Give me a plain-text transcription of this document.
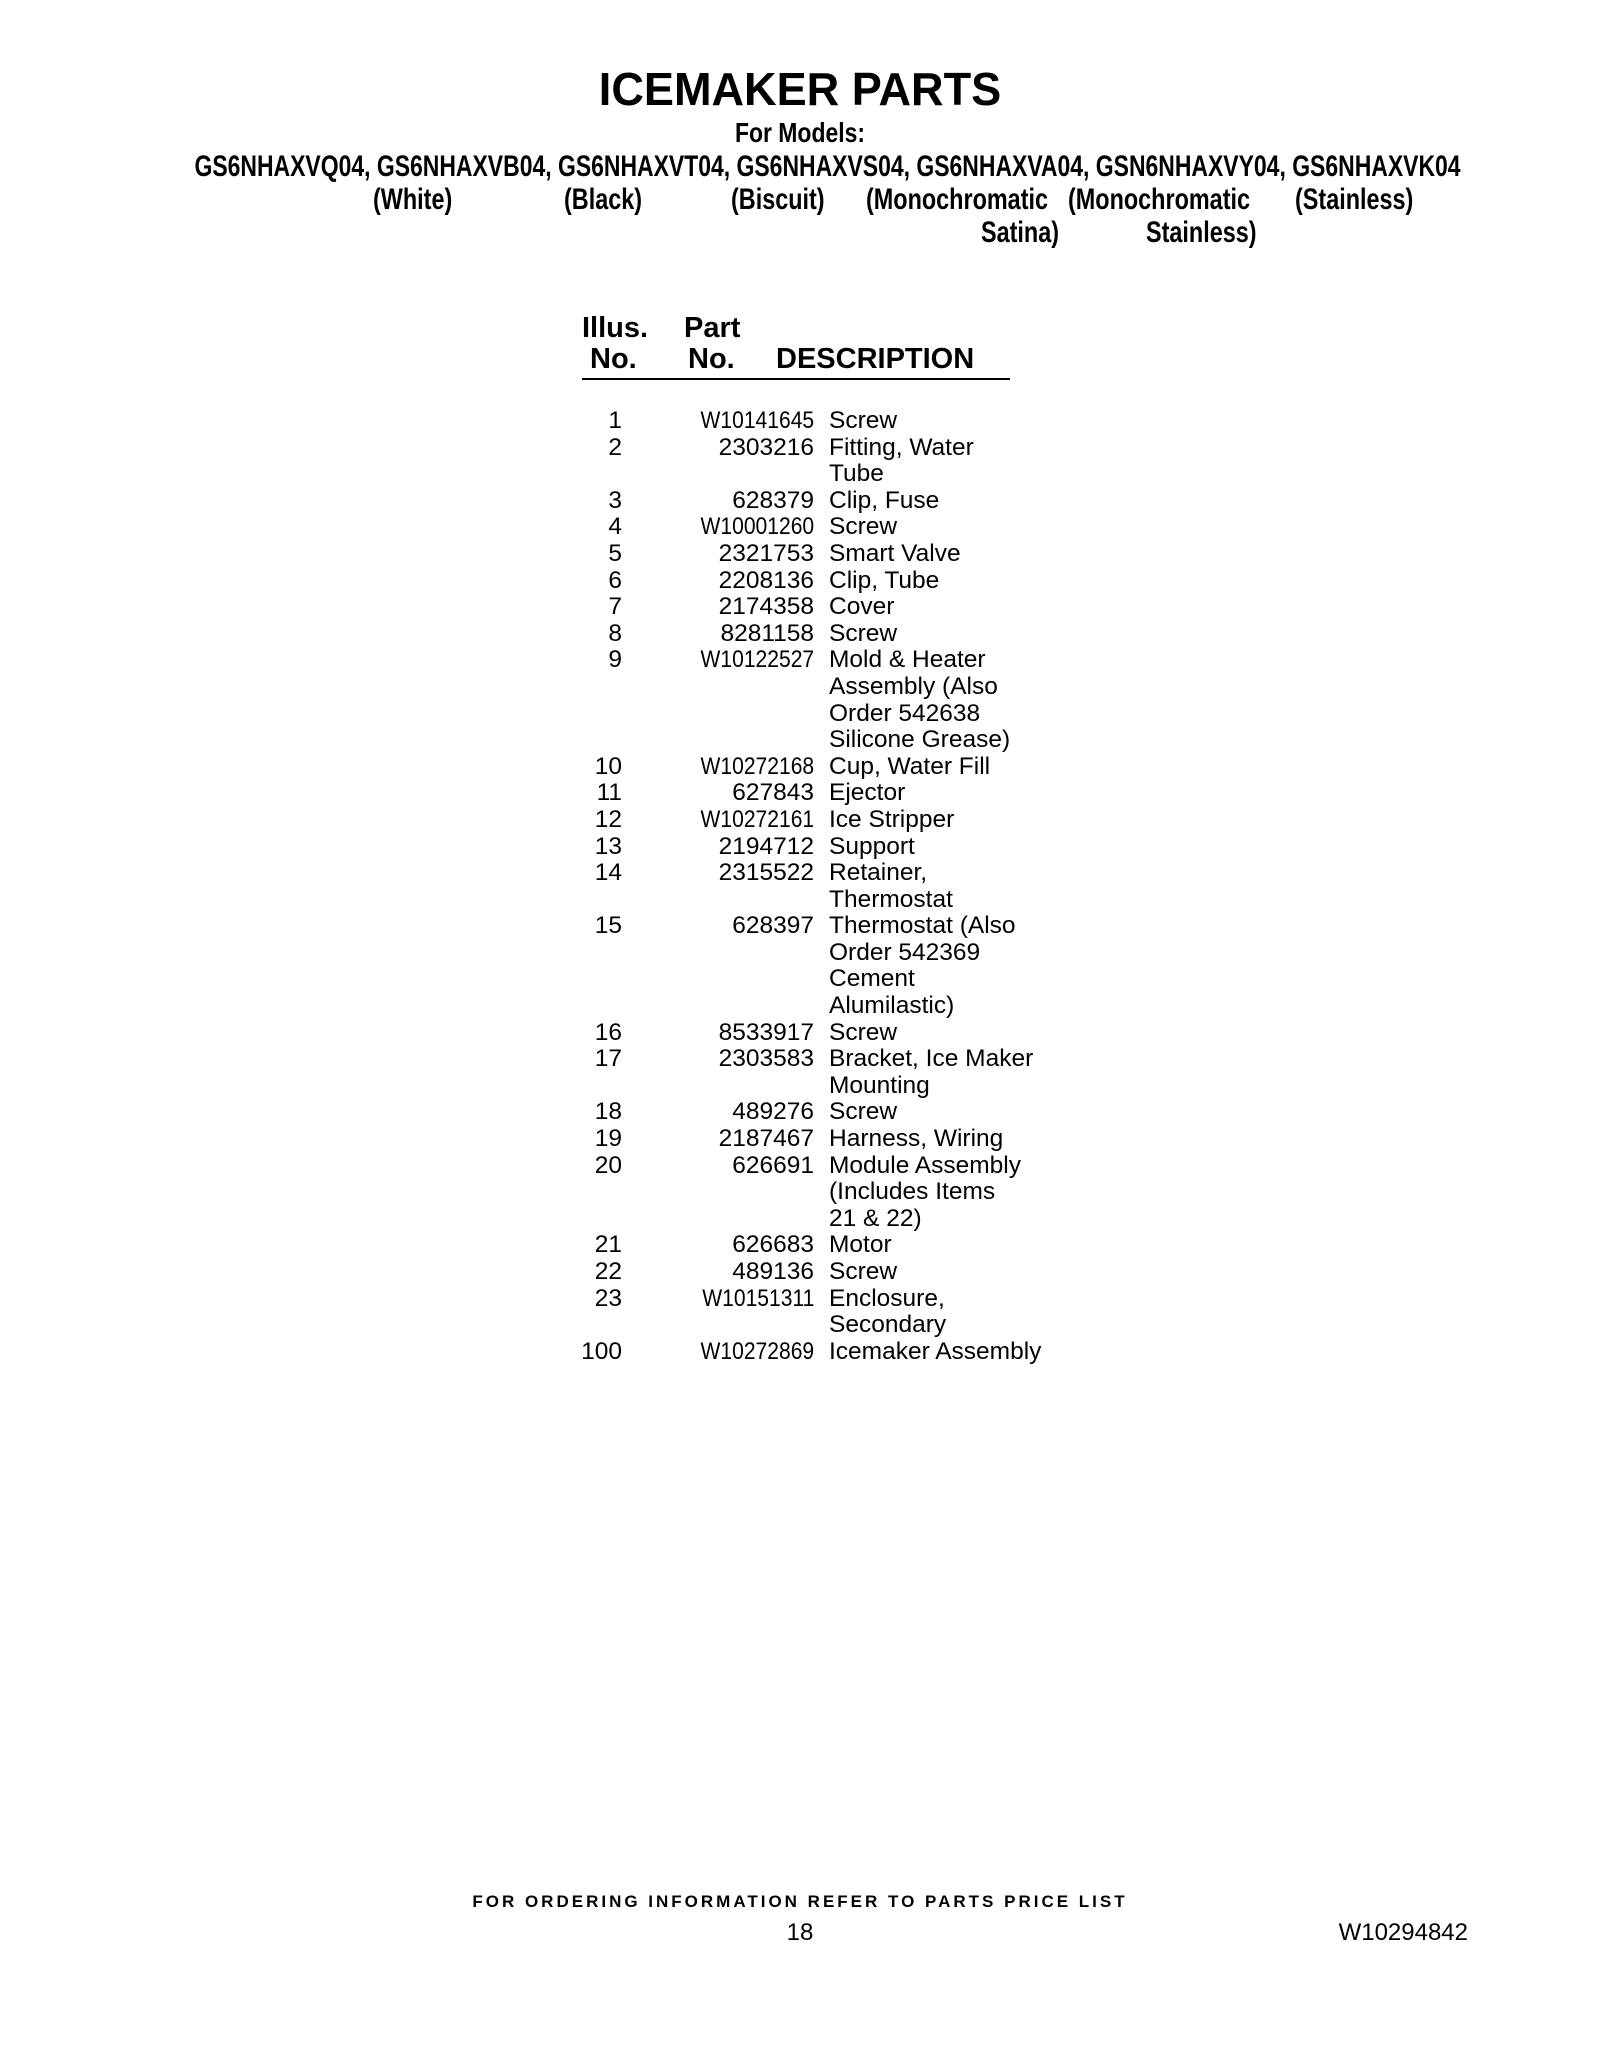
ICEMAKER PARTS
For Models:
GS6NHAXVQ04, GS6NHAXVB04, GS6NHAXVT04, GS6NHAXVS04, GS6NHAXVA04, GSN6NHAXVY04, GS6NHAXVK04
(White)	(Black)	(Biscuit) (Monochromatic
Satina)
(Monochromatic
Stainless)
(Stainless)
Illus.
No.
Part
No. DESCRIPTION
1	W10141645 Screw
2	2303216 Fitting, Water
Tube
3	628379 Clip, Fuse
4	W10001260 Screw
5	2321753 Smart Valve
6	2208136 Clip, Tube
7	2174358 Cover
8	8281158 Screw
9	W10122527 Mold & Heater
Assembly (Also
Order 542638
Silicone Grease)
10	W10272168 Cup, Water Fill
11	627843 Ejector
12	W10272161 Ice Stripper
13	2194712 Support
14	2315522 Retainer,
Thermostat
15	628397 Thermostat (Also
Order 542369
Cement
Alumilastic)
16	8533917 Screw
17	2303583 Bracket, Ice Maker
Mounting
18	489276 Screw
19	2187467 Harness, Wiring
20	626691 Module Assembly
(Includes Items
21 & 22)
21	626683 Motor
22	489136 Screw
23	W10151311 Enclosure,
Secondary
100	W10272869 Icemaker Assembly
FOR ORDERING INFORMATION REFER TO PARTS PRICE LIST
18	W10294842
